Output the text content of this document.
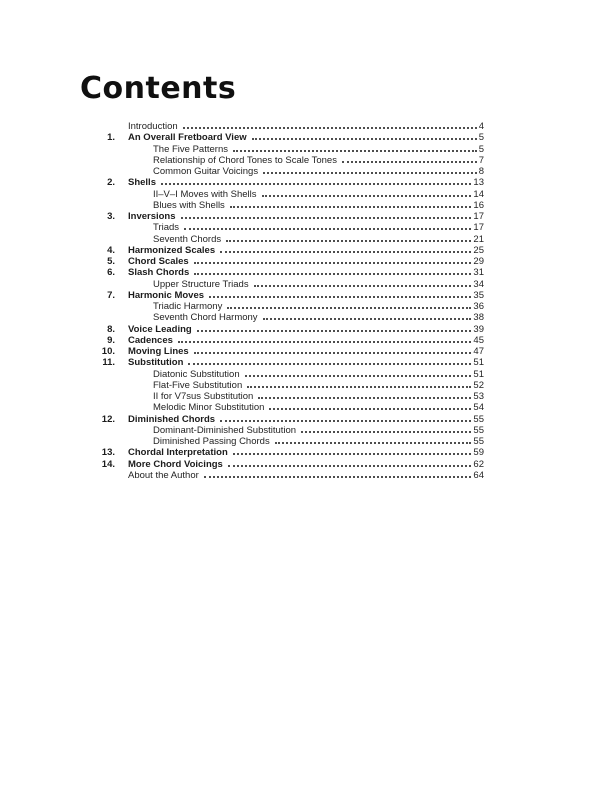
Contents
Introduction	4
1. An Overall Fretboard View	5
The Five Patterns	5
Relationship of Chord Tones to Scale Tones	7
Common Guitar Voicings	8
2. Shells	13
II–V–I Moves with Shells	14
Blues with Shells	16
3. Inversions	17
Triads	17
Seventh Chords	21
4. Harmonized Scales	25
5. Chord Scales	29
6. Slash Chords	31
Upper Structure Triads	34
7. Harmonic Moves	35
Triadic Harmony	36
Seventh Chord Harmony	38
8. Voice Leading	39
9. Cadences	45
10. Moving Lines	47
11. Substitution	51
Diatonic Substitution	51
Flat-Five Substitution	52
II for V7sus Substitution	53
Melodic Minor Substitution	54
12. Diminished Chords	55
Dominant-Diminished Substitution	55
Diminished Passing Chords	55
13. Chordal Interpretation	59
14. More Chord Voicings	62
About the Author	64
